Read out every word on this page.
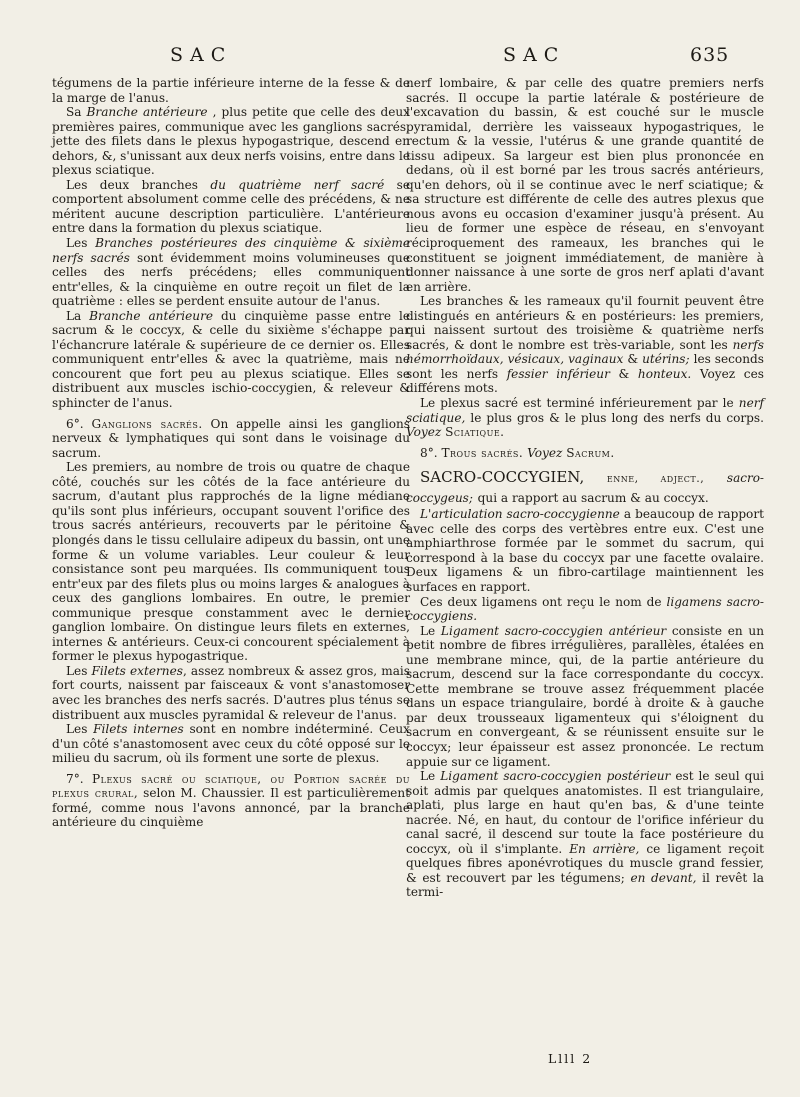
SAC	SAC	635

tégumens de la partie inférieure interne de la fesse & de la marge de l'anus.

Sa Branche antérieure , plus petite que celle des deux premières paires, communique avec les ganglions sacrés, jette des filets dans le plexus hypogastrique, descend en dehors, &, s'unissant aux deux nerfs voisins, entre dans le plexus sciatique.

Les deux branches du quatrième nerf sacré se comportent absolument comme celle des précédens, & ne méritent aucune description particulière. L'antérieure entre dans la formation du plexus sciatique.

Les Branches postérieures des cinquième & sixième nerfs sacrés sont évidemment moins volumineuses que celles des nerfs précédens; elles communiquent entr'elles, & la cinquième en outre reçoit un filet de la quatrième : elles se perdent ensuite autour de l'anus.

La Branche antérieure du cinquième passe entre le sacrum & le coccyx, & celle du sixième s'échappe par l'échancrure latérale & supérieure de ce dernier os. Elles communiquent entr'elles & avec la quatrième, mais ne concourent que fort peu au plexus sciatique. Elles se distribuent aux muscles ischio-coccygien, & releveur & sphincter de l'anus.

6°. Ganglions sacrés. On appelle ainsi les ganglions nerveux & lymphatiques qui sont dans le voisinage du sacrum.

Les premiers, au nombre de trois ou quatre de chaque côté, couchés sur les côtés de la face antérieure du sacrum, d'autant plus rapprochés de la ligne médiane qu'ils sont plus inférieurs, occupant souvent l'orifice des trous sacrés antérieurs, recouverts par le péritoine & plongés dans le tissu cellulaire adipeux du bassin, ont une forme & un volume variables. Leur couleur & leur consistance sont peu marquées. Ils communiquent tous entr'eux par des filets plus ou moins larges & analogues à ceux des ganglions lombaires. En outre, le premier communique presque constamment avec le dernier ganglion lombaire. On distingue leurs filets en externes, internes & antérieurs. Ceux-ci concourent spécialement à former le plexus hypogastrique.

Les Filets externes, assez nombreux & assez gros, mais fort courts, naissent par faisceaux & vont s'anastomoser avec les branches des nerfs sacrés. D'autres plus ténus se distribuent aux muscles pyramidal & releveur de l'anus.

Les Filets internes sont en nombre indéterminé. Ceux d'un côté s'anastomosent avec ceux du côté opposé sur le milieu du sacrum, où ils forment une sorte de plexus.

7°. Plexus sacré ou sciatique, ou Portion sacrée du plexus crural, selon M. Chaussier. Il est particulièrement formé, comme nous l'avons annoncé, par la branche antérieure du cinquième

nerf lombaire, & par celle des quatre premiers nerfs sacrés. Il occupe la partie latérale & postérieure de l'excavation du bassin, & est couché sur le muscle pyramidal, derrière les vaisseaux hypogastriques, le rectum & la vessie, l'utérus & une grande quantité de tissu adipeux. Sa largeur est bien plus prononcée en dedans, où il est borné par les trous sacrés antérieurs, qu'en dehors, où il se continue avec le nerf sciatique; & sa structure est différente de celle des autres plexus que nous avons eu occasion d'examiner jusqu'à présent. Au lieu de former une espèce de réseau, en s'envoyant réciproquement des rameaux, les branches qui le constituent se joignent immédiatement, de manière à donner naissance à une sorte de gros nerf aplati d'avant en arrière.

Les branches & les rameaux qu'il fournit peuvent être distingués en antérieurs & en postérieurs: les premiers, qui naissent surtout des troisième & quatrième nerfs sacrés, & dont le nombre est très-variable, sont les nerfs hémorrhoïdaux, vésicaux, vaginaux & utérins; les seconds sont les nerfs fessier inférieur & honteux. Voyez ces différens mots.

Le plexus sacré est terminé inférieurement par le nerf sciatique, le plus gros & le plus long des nerfs du corps. Voyez Sciatique.

8°. Trous sacrés. Voyez Sacrum.

SACRO-COCCYGIEN, enne, adject., sacro-coccygeus; qui a rapport au sacrum & au coccyx.

L'articulation sacro-coccygienne a beaucoup de rapport avec celle des corps des vertèbres entre eux. C'est une amphiarthrose formée par le sommet du sacrum, qui correspond à la base du coccyx par une facette ovalaire. Deux ligamens & un fibro-cartilage maintiennent les surfaces en rapport.

Ces deux ligamens ont reçu le nom de ligamens sacro-coccygiens.

Le Ligament sacro-coccygien antérieur consiste en un petit nombre de fibres irrégulières, parallèles, étalées en une membrane mince, qui, de la partie antérieure du sacrum, descend sur la face correspondante du coccyx. Cette membrane se trouve assez fréquemment placée dans un espace triangulaire, bordé à droite & à gauche par deux trousseaux ligamenteux qui s'éloignent du sacrum en convergeant, & se réunissent ensuite sur le coccyx; leur épaisseur est assez prononcée. Le rectum appuie sur ce ligament.

Le Ligament sacro-coccygien postérieur est le seul qui soit admis par quelques anatomistes. Il est triangulaire, aplati, plus large en haut qu'en bas, & d'une teinte nacrée. Né, en haut, du contour de l'orifice inférieur du canal sacré, il descend sur toute la face postérieure du coccyx, où il s'implante. En arrière, ce ligament reçoit quelques fibres aponévrotiques du muscle grand fessier, & est recouvert par les tégumens; en devant, il revêt la termi-

Llll 2
